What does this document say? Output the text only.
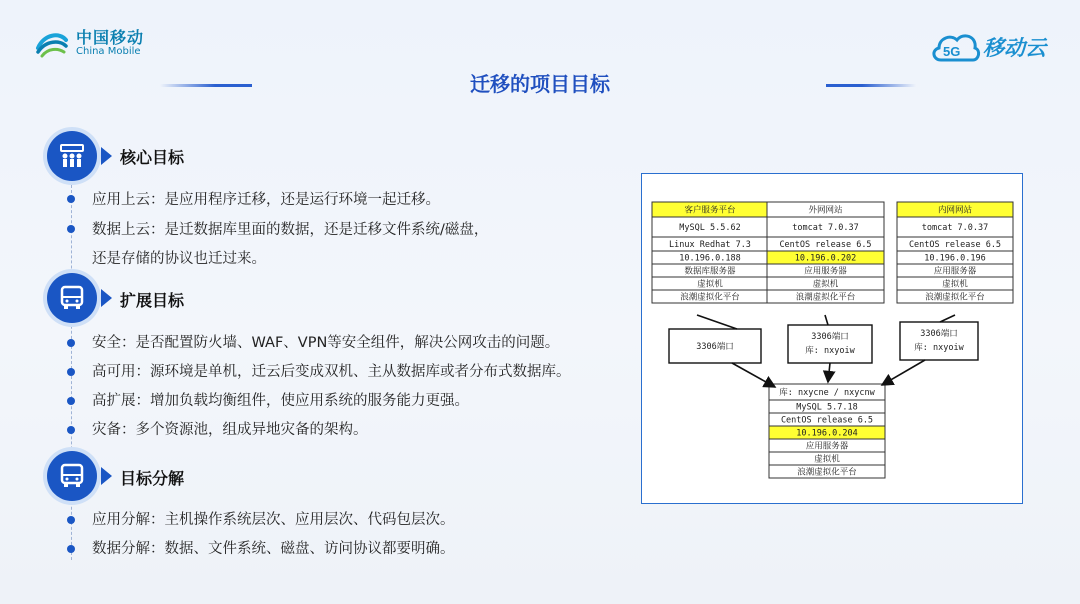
中国移动
China Mobile	5G 移动云
迁移的项目目标
核心目标
应用上云：是应用程序迁移，还是运行环境一起迁移。
数据上云：是迁数据库里面的数据，还是迁移文件系统/磁盘，
还是存储的协议也迁过来。
扩展目标
安全：是否配置防火墙、WAF、VPN等安全组件，解决公网攻击的问题。
高可用：源环境是单机，迁云后变成双机、主从数据库或者分布式数据库。
高扩展：增加负载均衡组件，使应用系统的服务能力更强。
灾备：多个资源池，组成异地灾备的架构。
目标分解
应用分解：主机操作系统层次、应用层次、代码包层次。
数据分解：数据、文件系统、磁盘、访问协议都要明确。
客户服务平台
MySQL 5.5.62
Linux Redhat 7.3
10.196.0.188
数据库服务器
虚拟机
浪潮虚拟化平台
外网网站
tomcat 7.0.37
CentOS release 6.5
10.196.0.202
应用服务器
虚拟机
浪潮虚拟化平台
内网网站
tomcat 7.0.37
CentOS release 6.5
10.196.0.196
应用服务器
虚拟机
浪潮虚拟化平台
3306端口
3306端口
库: nxyoiw
3306端口
库: nxyoiw
库: nxycne / nxycnw
MySQL 5.7.18
CentOS release 6.5
10.196.0.204
应用服务器
虚拟机
浪潮虚拟化平台
